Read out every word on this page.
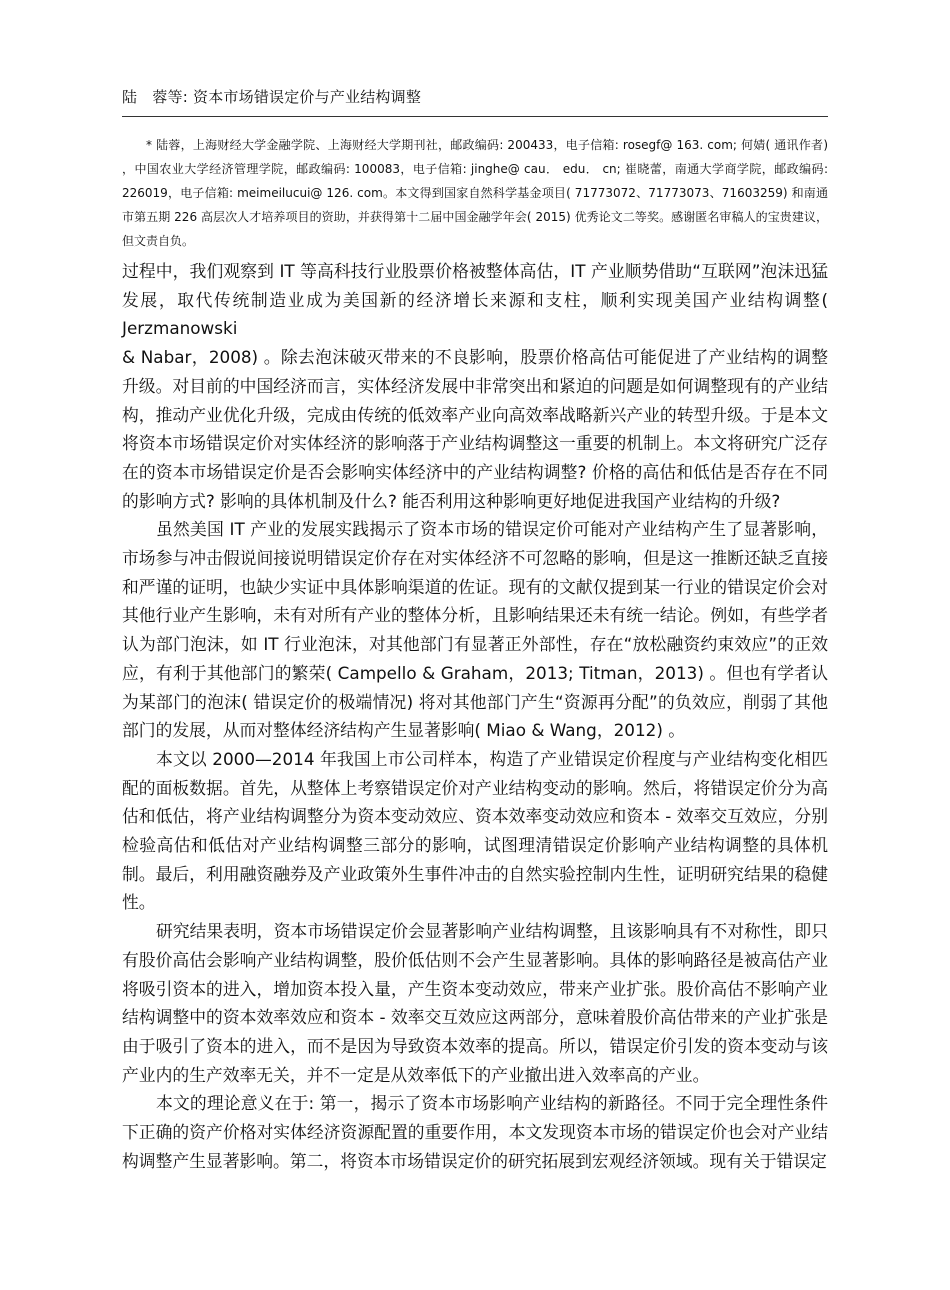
陆　蓉等: 资本市场错误定价与产业结构调整

* 陆蓉，上海财经大学金融学院、上海财经大学期刊社，邮政编码: 200433，电子信箱: rosegf@ 163. com; 何婧( 通讯作者) ，中国农业大学经济管理学院，邮政编码: 100083，电子信箱: jinghe@ cau． edu． cn; 崔晓蕾，南通大学商学院，邮政编码: 226019，电子信箱: meimeilucui@ 126. com。本文得到国家自然科学基金项目( 71773072、71773073、71603259) 和南通市第五期 226 高层次人才培养项目的资助，并获得第十二届中国金融学年会( 2015) 优秀论文二等奖。感谢匿名审稿人的宝贵建议，但文责自负。

过程中，我们观察到 IT 等高科技行业股票价格被整体高估，IT 产业顺势借助“互联网”泡沫迅猛发展，取代传统制造业成为美国新的经济增长来源和支柱，顺利实现美国产业结构调整( Jerzmanowski

& Nabar，2008) 。除去泡沫破灭带来的不良影响，股票价格高估可能促进了产业结构的调整升级。对目前的中国经济而言，实体经济发展中非常突出和紧迫的问题是如何调整现有的产业结构，推动产业优化升级，完成由传统的低效率产业向高效率战略新兴产业的转型升级。于是本文将资本市场错误定价对实体经济的影响落于产业结构调整这一重要的机制上。本文将研究广泛存在的资本市场错误定价是否会影响实体经济中的产业结构调整? 价格的高估和低估是否存在不同的影响方式? 影响的具体机制及什么? 能否利用这种影响更好地促进我国产业结构的升级?

虽然美国 IT 产业的发展实践揭示了资本市场的错误定价可能对产业结构产生了显著影响，市场参与冲击假说间接说明错误定价存在对实体经济不可忽略的影响，但是这一推断还缺乏直接和严谨的证明，也缺少实证中具体影响渠道的佐证。现有的文献仅提到某一行业的错误定价会对其他行业产生影响，未有对所有产业的整体分析，且影响结果还未有统一结论。例如，有些学者认为部门泡沫，如 IT 行业泡沫，对其他部门有显著正外部性，存在“放松融资约束效应”的正效应，有利于其他部门的繁荣( Campello & Graham，2013; Titman，2013) 。但也有学者认为某部门的泡沫( 错误定价的极端情况) 将对其他部门产生“资源再分配”的负效应，削弱了其他部门的发展，从而对整体经济结构产生显著影响( Miao & Wang，2012) 。

本文以 2000—2014 年我国上市公司样本，构造了产业错误定价程度与产业结构变化相匹配的面板数据。首先，从整体上考察错误定价对产业结构变动的影响。然后，将错误定价分为高估和低估，将产业结构调整分为资本变动效应、资本效率变动效应和资本 - 效率交互效应，分别检验高估和低估对产业结构调整三部分的影响，试图理清错误定价影响产业结构调整的具体机制。最后，利用融资融券及产业政策外生事件冲击的自然实验控制内生性，证明研究结果的稳健性。

研究结果表明，资本市场错误定价会显著影响产业结构调整，且该影响具有不对称性，即只有股价高估会影响产业结构调整，股价低估则不会产生显著影响。具体的影响路径是被高估产业将吸引资本的进入，增加资本投入量，产生资本变动效应，带来产业扩张。股价高估不影响产业结构调整中的资本效率效应和资本 - 效率交互效应这两部分，意味着股价高估带来的产业扩张是由于吸引了资本的进入，而不是因为导致资本效率的提高。所以，错误定价引发的资本变动与该产业内的生产效率无关，并不一定是从效率低下的产业撤出进入效率高的产业。

本文的理论意义在于: 第一，揭示了资本市场影响产业结构的新路径。不同于完全理性条件下正确的资产价格对实体经济资源配置的重要作用，本文发现资本市场的错误定价也会对产业结构调整产生显著影响。第二，将资本市场错误定价的研究拓展到宏观经济领域。现有关于错误定
